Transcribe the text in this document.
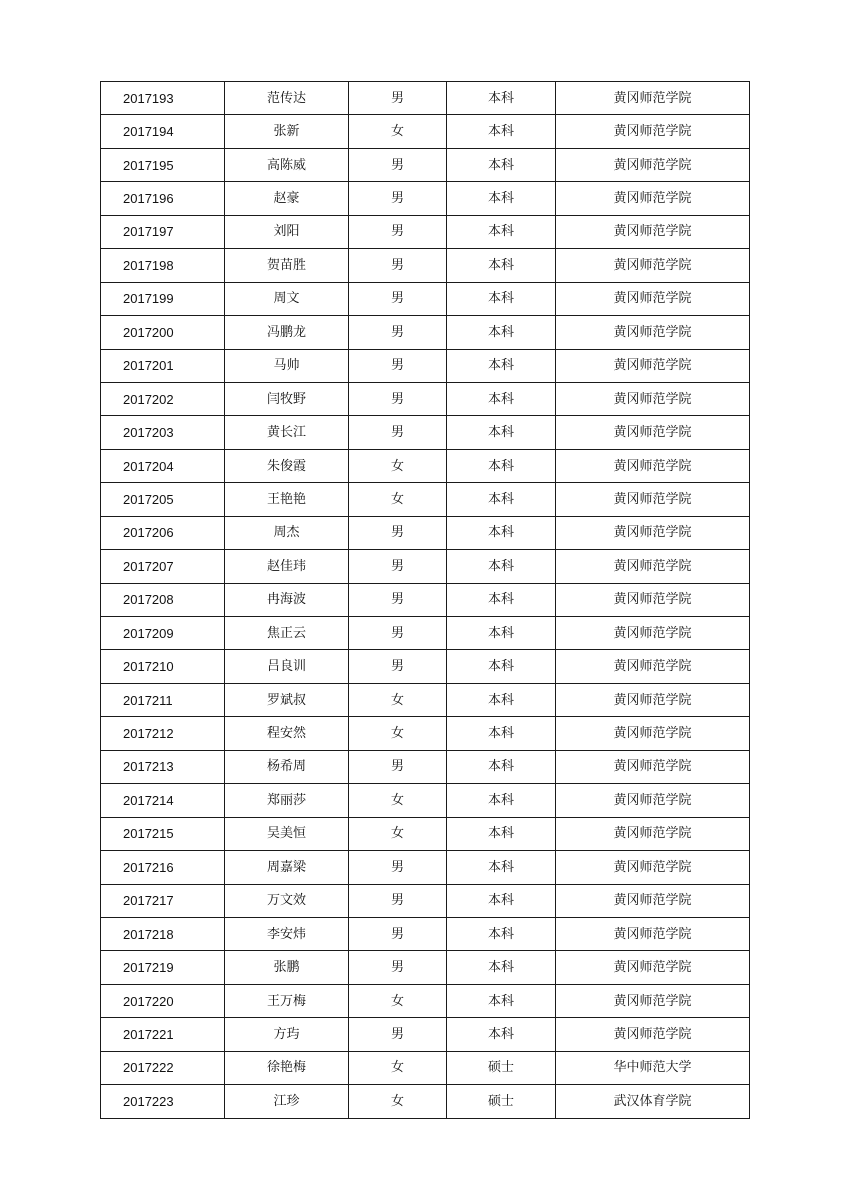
2017193	范传达	男	本科	黄冈师范学院
2017194	张新	女	本科	黄冈师范学院
2017195	高陈威	男	本科	黄冈师范学院
2017196	赵豪	男	本科	黄冈师范学院
2017197	刘阳	男	本科	黄冈师范学院
2017198	贺苗胜	男	本科	黄冈师范学院
2017199	周文	男	本科	黄冈师范学院
2017200	冯鹏龙	男	本科	黄冈师范学院
2017201	马帅	男	本科	黄冈师范学院
2017202	闫牧野	男	本科	黄冈师范学院
2017203	黄长江	男	本科	黄冈师范学院
2017204	朱俊霞	女	本科	黄冈师范学院
2017205	王艳艳	女	本科	黄冈师范学院
2017206	周杰	男	本科	黄冈师范学院
2017207	赵佳玮	男	本科	黄冈师范学院
2017208	冉海波	男	本科	黄冈师范学院
2017209	焦正云	男	本科	黄冈师范学院
2017210	吕良训	男	本科	黄冈师范学院
2017211	罗斌叔	女	本科	黄冈师范学院
2017212	程安然	女	本科	黄冈师范学院
2017213	杨希周	男	本科	黄冈师范学院
2017214	郑丽莎	女	本科	黄冈师范学院
2017215	吴美恒	女	本科	黄冈师范学院
2017216	周嘉梁	男	本科	黄冈师范学院
2017217	万文效	男	本科	黄冈师范学院
2017218	李安炜	男	本科	黄冈师范学院
2017219	张鹏	男	本科	黄冈师范学院
2017220	王万梅	女	本科	黄冈师范学院
2017221	方玙	男	本科	黄冈师范学院
2017222	徐艳梅	女	硕士	华中师范大学
2017223	江珍	女	硕士	武汉体育学院
